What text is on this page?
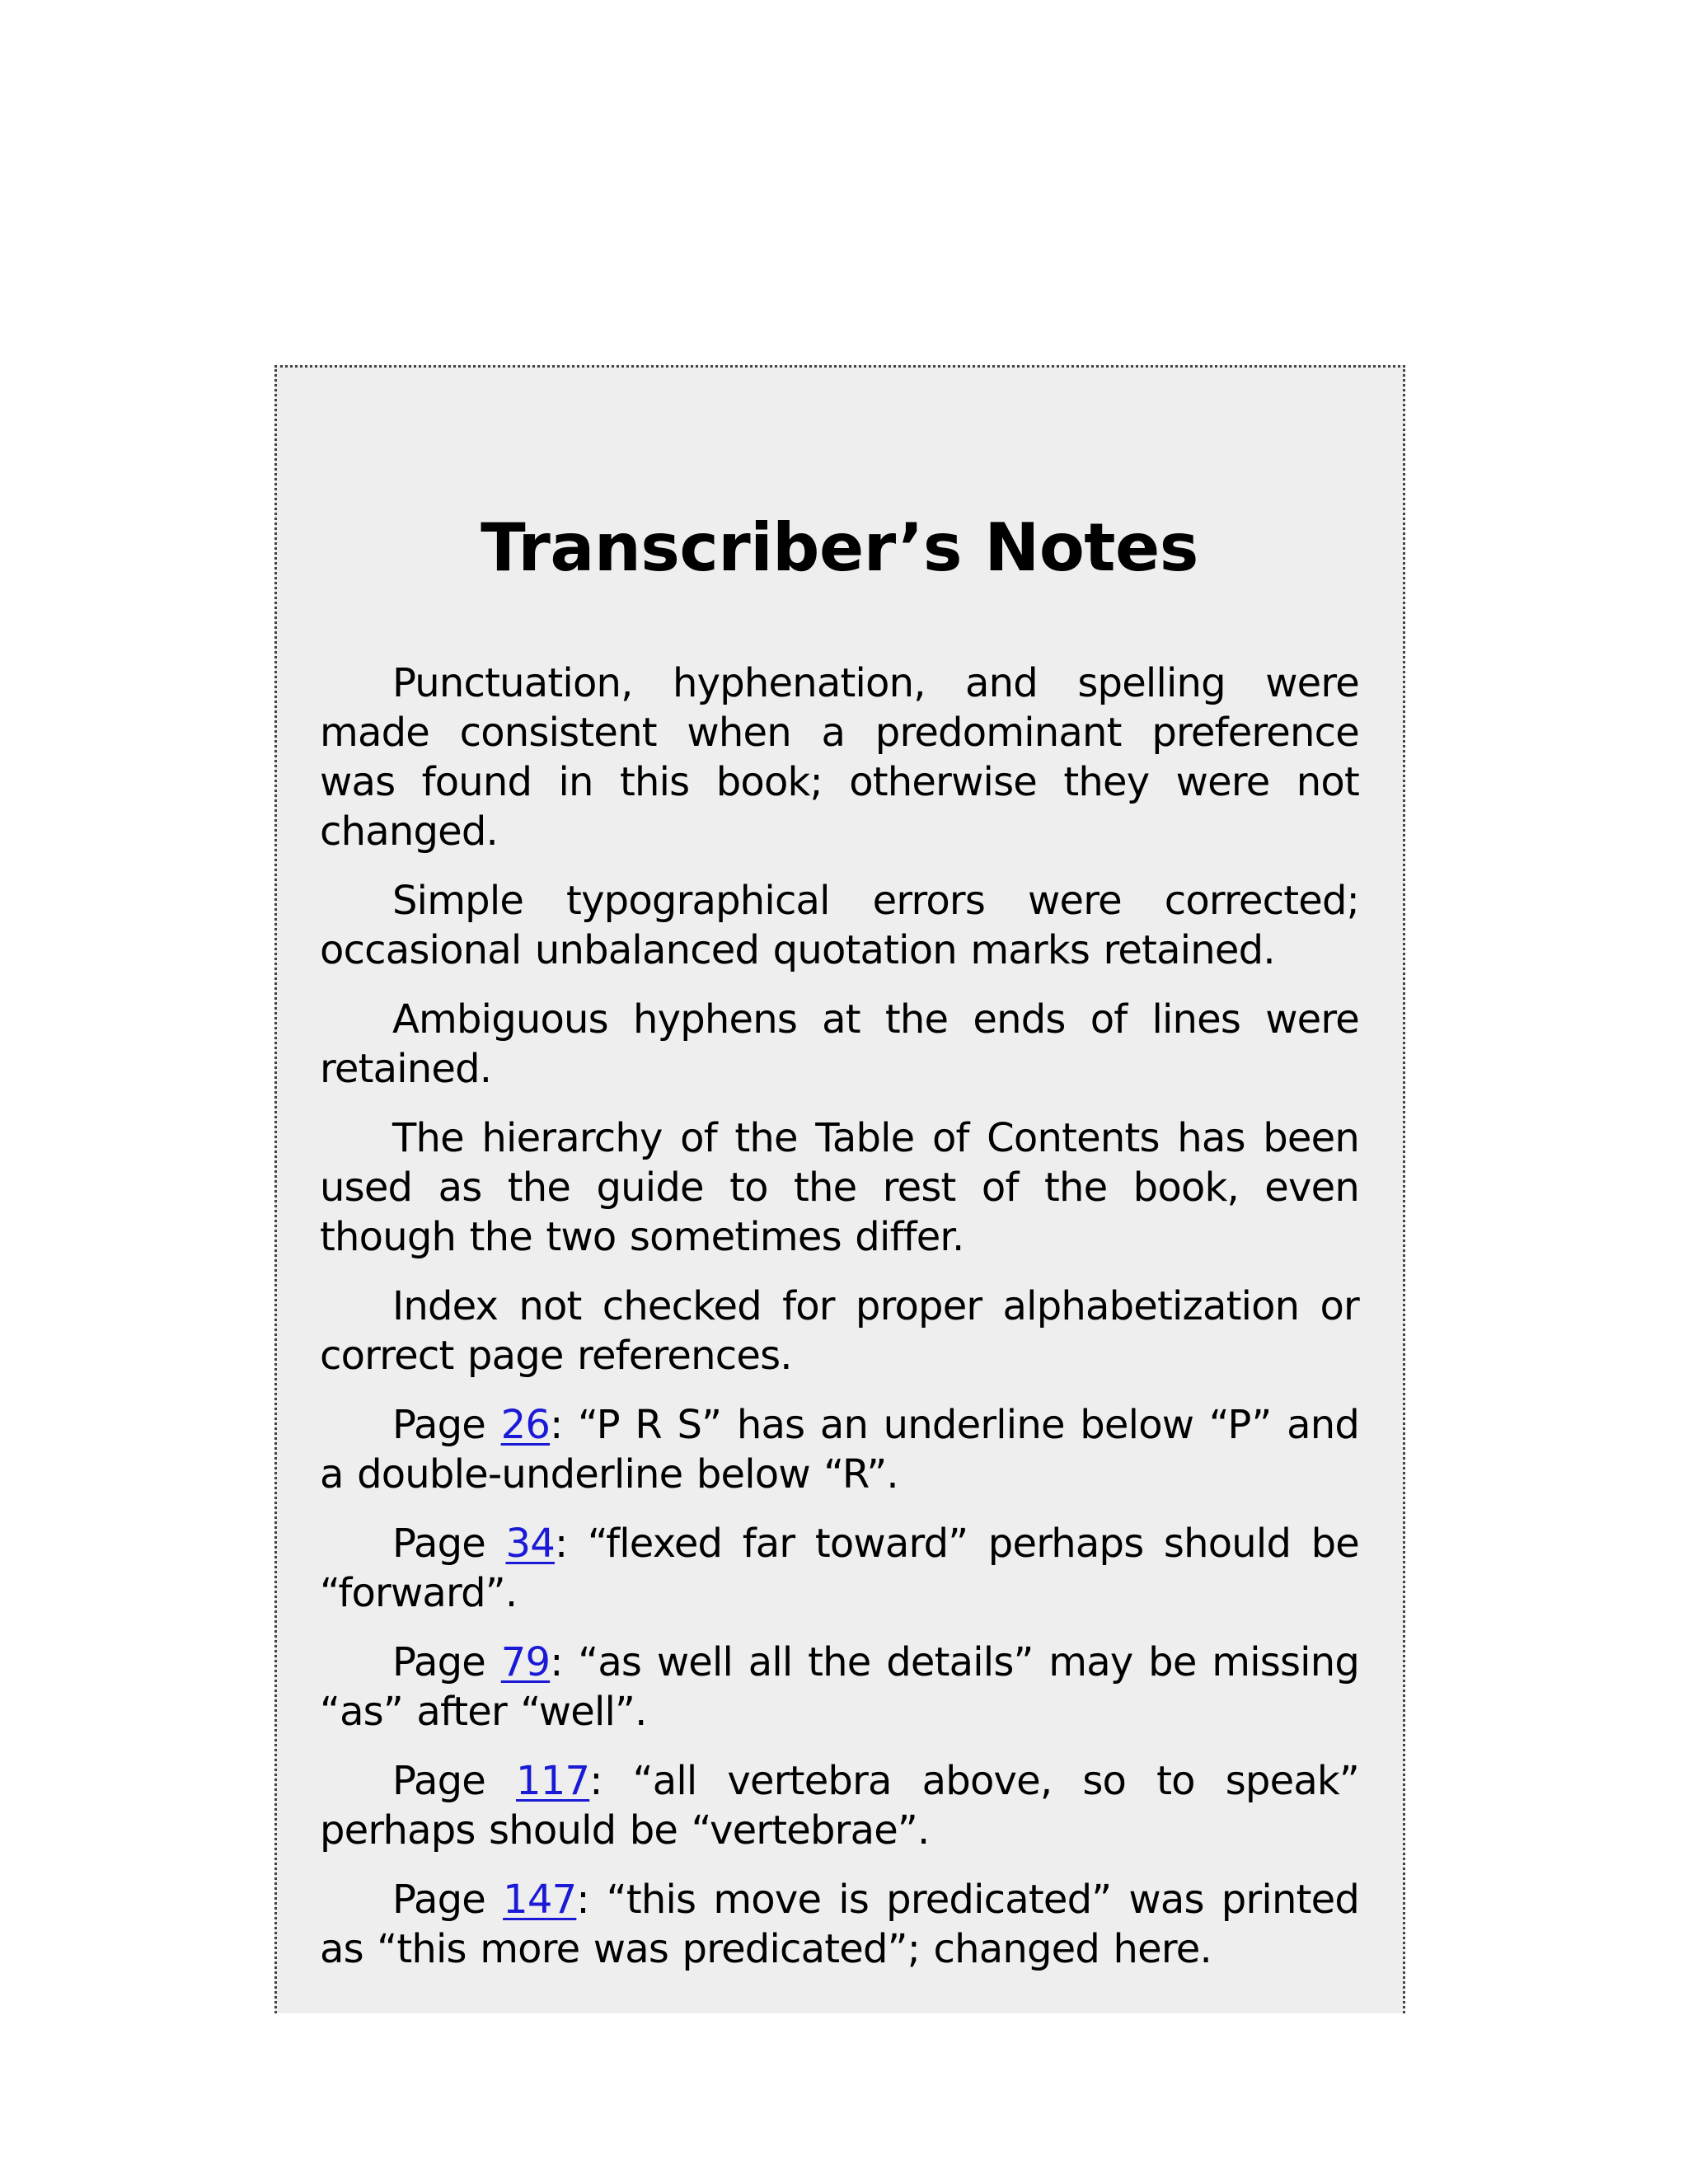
Transcriber’s Notes

Punctuation, hyphenation, and spelling were made consistent when a predominant preference was found in this book; otherwise they were not changed.

Simple typographical errors were corrected; occasional unbalanced quotation marks retained.

Ambiguous hyphens at the ends of lines were retained.

The hierarchy of the Table of Contents has been used as the guide to the rest of the book, even though the two sometimes differ.

Index not checked for proper alphabetization or correct page references.

Page 26: “P R S” has an underline below “P” and a double-underline below “R”.

Page 34: “flexed far toward” perhaps should be “forward”.

Page 79: “as well all the details” may be missing “as” after “well”.

Page 117: “all vertebra above, so to speak” perhaps should be “vertebrae”.

Page 147: “this move is predicated” was printed as “this more was predicated”; changed here.
